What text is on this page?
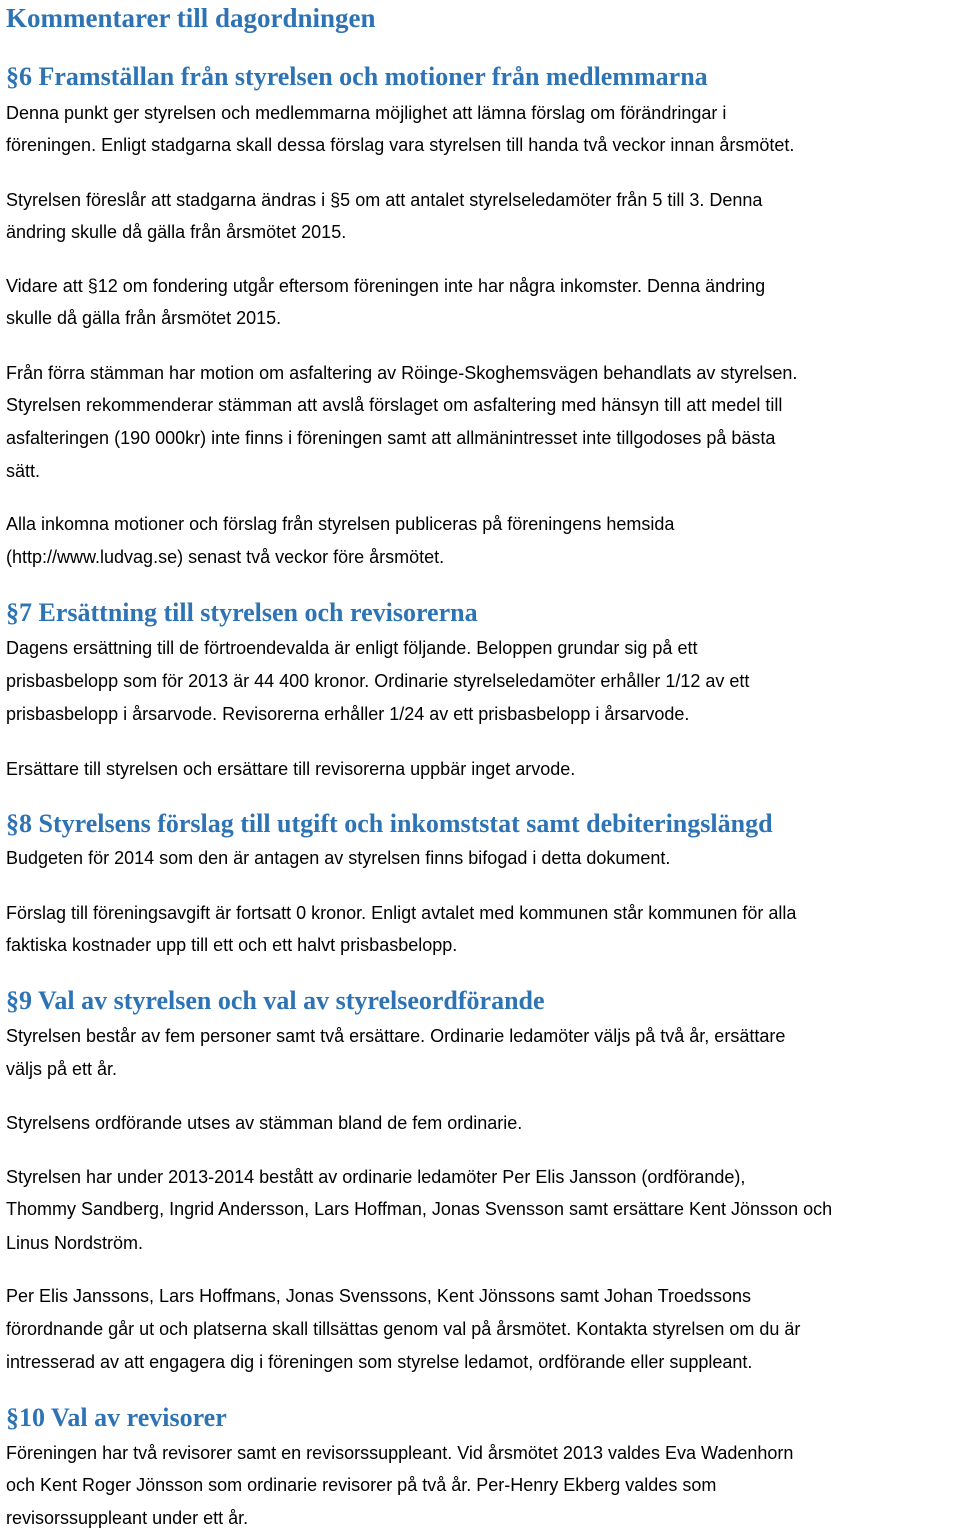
Kommentarer till dagordningen
§6 Framställan från styrelsen och motioner från medlemmarna

Denna punkt ger styrelsen och medlemmarna möjlighet att lämna förslag om förändringar i

föreningen. Enligt stadgarna skall dessa förslag vara styrelsen till handa två veckor innan årsmötet.

Styrelsen föreslår att stadgarna ändras i §5 om att antalet styrelseledamöter från 5 till 3. Denna

ändring skulle då gälla från årsmötet 2015.

Vidare att §12 om fondering utgår eftersom föreningen inte har några inkomster. Denna ändring

skulle då gälla från årsmötet 2015.

Från förra stämman har motion om asfaltering av Röinge-Skoghemsvägen behandlats av styrelsen.

Styrelsen rekommenderar stämman att avslå förslaget om asfaltering med hänsyn till att medel till

asfalteringen (190 000kr) inte finns i föreningen samt att allmänintresset inte tillgodoses på bästa

sätt.

Alla inkomna motioner och förslag från styrelsen publiceras på föreningens hemsida

(http://www.ludvag.se) senast två veckor före årsmötet.

§7 Ersättning till styrelsen och revisorerna

Dagens ersättning till de förtroendevalda är enligt följande. Beloppen grundar sig på ett

prisbasbelopp som för 2013 är 44 400 kronor. Ordinarie styrelseledamöter erhåller 1/12 av ett

prisbasbelopp i årsarvode. Revisorerna erhåller 1/24 av ett prisbasbelopp i årsarvode.

Ersättare till styrelsen och ersättare till revisorerna uppbär inget arvode.

§8 Styrelsens förslag till utgift och inkomststat samt debiteringslängd

Budgeten för 2014 som den är antagen av styrelsen finns bifogad i detta dokument.

Förslag till föreningsavgift är fortsatt 0 kronor. Enligt avtalet med kommunen står kommunen för alla

faktiska kostnader upp till ett och ett halvt prisbasbelopp.

§9 Val av styrelsen och val av styrelseordförande

Styrelsen består av fem personer samt två ersättare. Ordinarie ledamöter väljs på två år, ersättare

väljs på ett år.

Styrelsens ordförande utses av stämman bland de fem ordinarie.

Styrelsen har under 2013-2014 bestått av ordinarie ledamöter Per Elis Jansson (ordförande),

Thommy Sandberg, Ingrid Andersson, Lars Hoffman, Jonas Svensson samt ersättare Kent Jönsson och

Linus Nordström.

Per Elis Janssons, Lars Hoffmans, Jonas Svenssons, Kent Jönssons samt Johan Troedssons

förordnande går ut och platserna skall tillsättas genom val på årsmötet. Kontakta styrelsen om du är

intresserad av att engagera dig i föreningen som styrelse ledamot, ordförande eller suppleant.

§10 Val av revisorer

Föreningen har två revisorer samt en revisorssuppleant. Vid årsmötet 2013 valdes Eva Wadenhorn

och Kent Roger Jönsson som ordinarie revisorer på två år. Per-Henry Ekberg valdes som

revisorssuppleant under ett år.
